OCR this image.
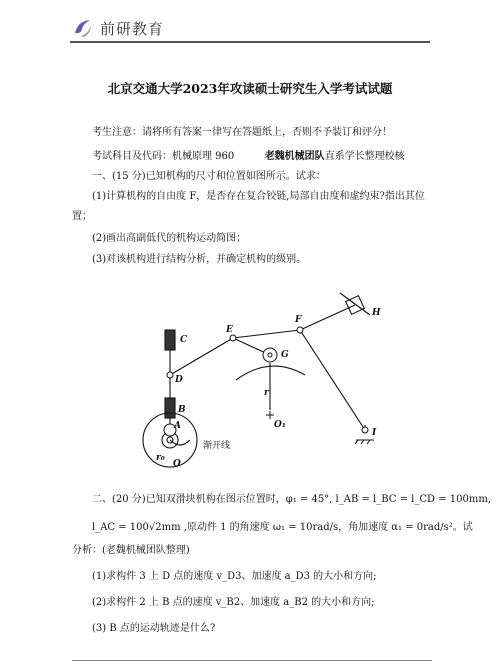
前研教育
北京交通大学2023年攻读硕士研究生入学考试试题
考生注意：请将所有答案一律写在答题纸上，否则不予装订和评分！
考试科目及代码：机械原理 960	老魏机械团队直系学长整理校核
一、(15 分)已知机构的尺寸和位置如图所示。试求：
(1)计算机构的自由度 F，是否存在复合铰链,局部自由度和虚约束?指出其位
置；
(2)画出高副低代的机构运动简图；
(3)对该机构进行结构分析，并确定机构的级别。
C
D
B
A
E
F
G
H
I
O
O₁
r
r₀
渐开线
二、(20 分)已知双滑块机构在图示位置时，φ₁ = 45°, l_AB = l_BC = l_CD = 100mm,
l_AC = 100√2mm ,原动件 1 的角速度 ω₁ = 10rad/s，角加速度 α₁ = 0rad/s²。试
分析：(老魏机械团队整理)
(1)求构件 3 上 D 点的速度 v_D3、加速度 a_D3 的大小和方向;
(2)求构件 2 上 B 点的速度 v_B2、加速度 a_B2 的大小和方向;
(3) B 点的运动轨迹是什么?
